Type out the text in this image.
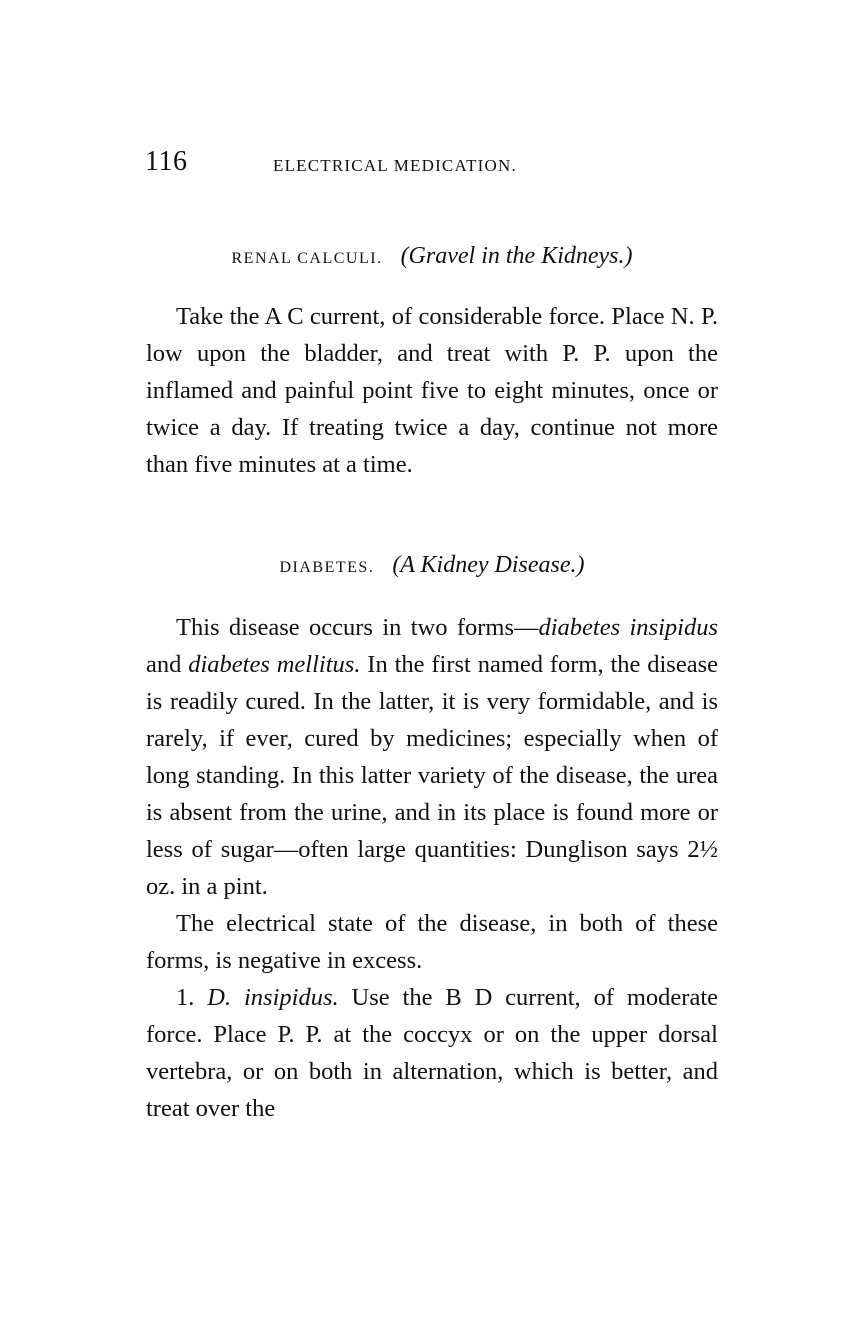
116	ELECTRICAL MEDICATION.
RENAL CALCULI. (Gravel in the Kidneys.)

Take the A C current, of considerable force. Place N. P. low upon the bladder, and treat with P. P. upon the inflamed and painful point five to eight minutes, once or twice a day. If treating twice a day, continue not more than five minutes at a time.

DIABETES. (A Kidney Disease.)

This disease occurs in two forms—diabetes insipidus and diabetes mellitus. In the first named form, the disease is readily cured. In the latter, it is very formidable, and is rarely, if ever, cured by medicines; especially when of long standing. In this latter variety of the disease, the urea is absent from the urine, and in its place is found more or less of sugar—often large quantities: Dunglison says 2½ oz. in a pint.

The electrical state of the disease, in both of these forms, is negative in excess.

1. D. insipidus. Use the B D current, of moderate force. Place P. P. at the coccyx or on the upper dorsal vertebra, or on both in alternation, which is better, and treat over the
